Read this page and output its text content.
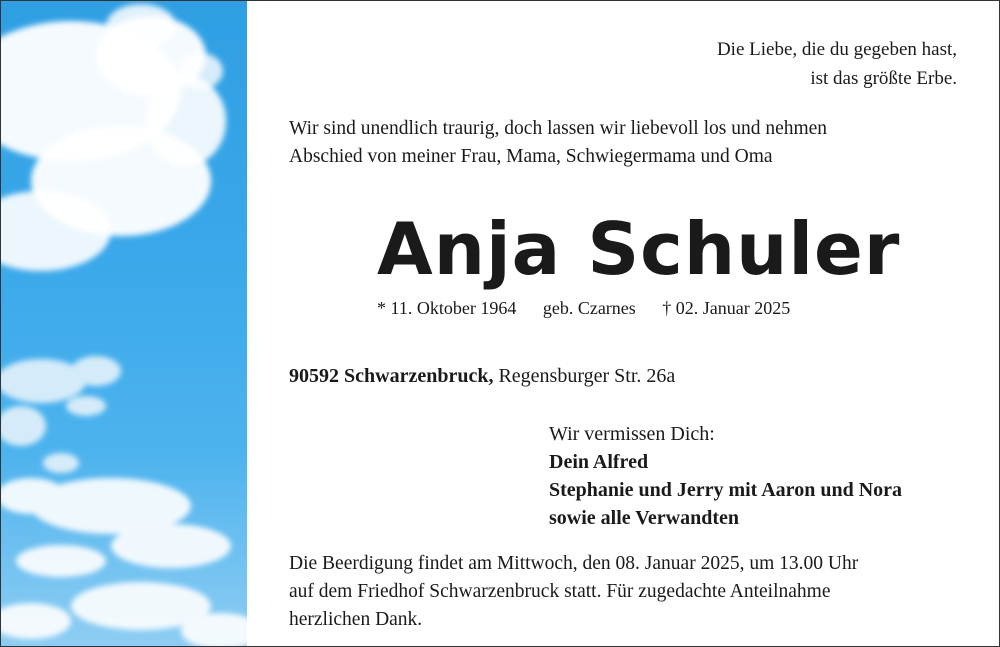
Die Liebe, die du gegeben hast,
ist das größte Erbe.
Wir sind unendlich traurig, doch lassen wir liebevoll los und nehmen
Abschied von meiner Frau, Mama, Schwiegermama und Oma
Anja Schuler
* 11. Oktober 1964 geb. Czarnes † 02. Januar 2025
90592 Schwarzenbruck, Regensburger Str. 26a
Wir vermissen Dich:
Dein Alfred
Stephanie und Jerry mit Aaron und Nora
sowie alle Verwandten
Die Beerdigung findet am Mittwoch, den 08. Januar 2025, um 13.00 Uhr
auf dem Friedhof Schwarzenbruck statt. Für zugedachte Anteilnahme
herzlichen Dank.
